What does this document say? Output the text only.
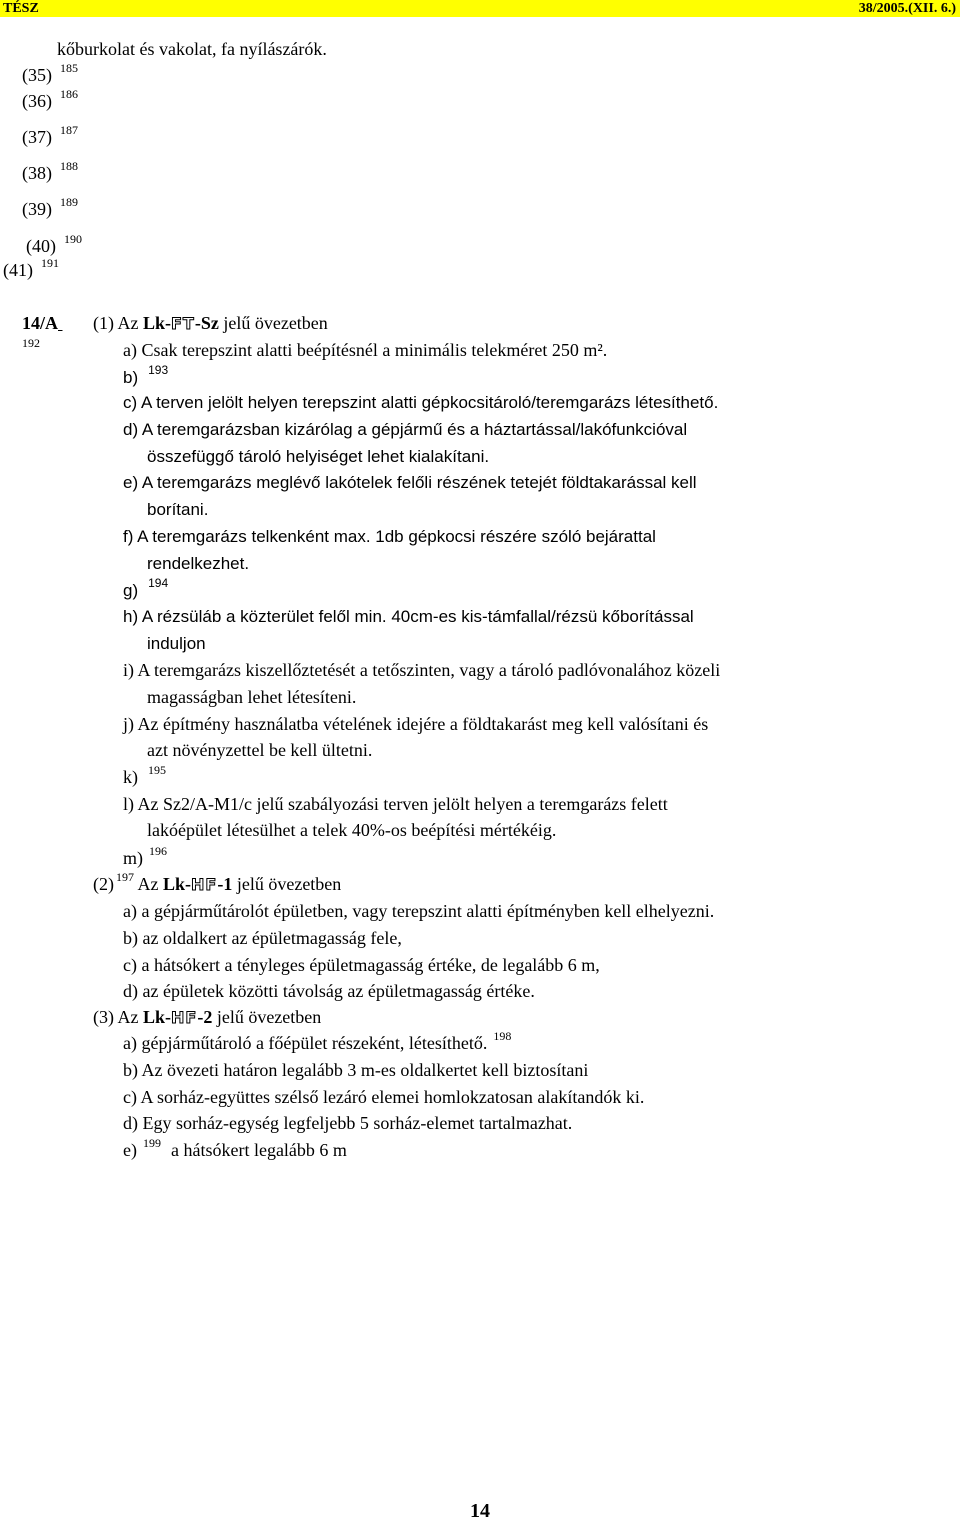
TÉSZ	38/2005.(XII. 6.)
kőburkolat és vakolat, fa nyílászárók.
(35) $^{185}$
(36) $^{186}$
(37) $^{187}$
(38) $^{188}$
(39) $^{189}$
(40) $^{190}$
(41) $^{191}$
14/A
192
(1) Az Lk-FT-Sz jelű övezetben
a) Csak terepszint alatti beépítésnél a minimális telekméret 250 m².
b) $^{193}$
c) A terven jelölt helyen terepszint alatti gépkocsitároló/teremgarázs létesíthető.
d) A teremgarázsban kizárólag a gépjármű és a háztartással/lakófunkcióval
összefüggő tároló helyiséget lehet kialakítani.
e) A teremgarázs meglévő lakótelek felőli részének tetejét földtakarással kell
borítani.
f) A teremgarázs telkenként max. 1db gépkocsi részére szóló bejárattal
rendelkezhet.
g) $^{194}$
h) A rézsüláb a közterület felől min. 40cm-es kis-támfallal/rézsü kőborítással
induljon
i) A teremgarázs kiszellőztetését a tetőszinten, vagy a tároló padlóvonalához közeli
magasságban lehet létesíteni.
j) Az építmény használatba vételének idejére a földtakarást meg kell valósítani és
azt növényzettel be kell ültetni.
k) $^{195}$
l) Az Sz2/A-M1/c jelű szabályozási terven jelölt helyen a teremgarázs felett
lakóépület létesülhet a telek 40%-os beépítési mértékéig.
m) $^{196}$
(2) $^{197}$ Az Lk-HF-1 jelű övezetben
a) a gépjárműtárolót épületben, vagy terepszint alatti építményben kell elhelyezni.
b) az oldalkert az épületmagasság fele,
c) a hátsókert a tényleges épületmagasság értéke, de legalább 6 m,
d) az épületek közötti távolság az épületmagasság értéke.
(3) Az Lk-HF-2 jelű övezetben
a) gépjárműtároló a főépület részeként, létesíthető. $^{198}$
b) Az övezeti határon legalább 3 m-es oldalkertet kell biztosítani
c) A sorház-együttes szélső lezáró elemei homlokzatosan alakítandók ki.
d) Egy sorház-egység legfeljebb 5 sorház-elemet tartalmazhat.
e) $^{199}$ a hátsókert legalább 6 m
14
